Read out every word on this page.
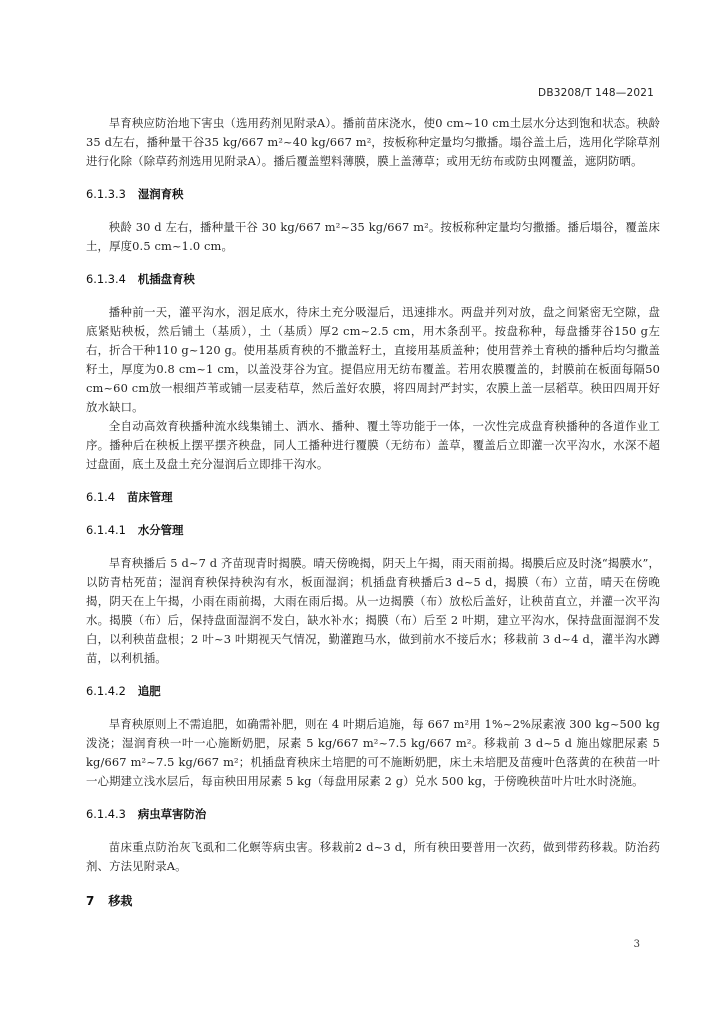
DB3208/T 148—2021

旱育秧应防治地下害虫（选用药剂见附录A）。播前苗床浇水，使0 cm~10 cm土层水分达到饱和状态。秧龄35 d左右，播种量干谷35 kg/667 m²~40 kg/667 m²，按板称种定量均匀撒播。塌谷盖土后，选用化学除草剂进行化除（除草药剂选用见附录A）。播后覆盖塑料薄膜，膜上盖薄草；或用无纺布或防虫网覆盖，遮阴防晒。

6.1.3.3 湿润育秧

秧龄 30 d 左右，播种量干谷 30 kg/667 m²~35 kg/667 m²。按板称种定量均匀撒播。播后塌谷，覆盖床土，厚度0.5 cm~1.0 cm。

6.1.3.4 机插盘育秧

播种前一天，灌平沟水，洇足底水，待床土充分吸湿后，迅速排水。两盘并列对放，盘之间紧密无空隙，盘底紧贴秧板，然后铺土（基质），土（基质）厚2 cm~2.5 cm，用木条刮平。按盘称种，每盘播芽谷150 g左右，折合干种110 g~120 g。使用基质育秧的不撒盖籽土，直接用基质盖种；使用营养土育秧的播种后均匀撒盖籽土，厚度为0.8 cm~1 cm，以盖没芽谷为宜。提倡应用无纺布覆盖。若用农膜覆盖的，封膜前在板面每隔50 cm~60 cm放一根细芦苇或铺一层麦秸草，然后盖好农膜，将四周封严封实，农膜上盖一层稻草。秧田四周开好放水缺口。

全自动高效育秧播种流水线集铺土、洒水、播种、覆土等功能于一体，一次性完成盘育秧播种的各道作业工序。播种后在秧板上摆平摆齐秧盘，同人工播种进行覆膜（无纺布）盖草，覆盖后立即灌一次平沟水，水深不超过盘面，底土及盘土充分湿润后立即排干沟水。

6.1.4 苗床管理
6.1.4.1 水分管理

旱育秧播后 5 d~7 d 齐苗现青时揭膜。晴天傍晚揭，阴天上午揭，雨天雨前揭。揭膜后应及时浇“揭膜水”，以防青枯死苗；湿润育秧保持秧沟有水，板面湿润；机插盘育秧播后3 d~5 d，揭膜（布）立苗，晴天在傍晚揭，阴天在上午揭，小雨在雨前揭，大雨在雨后揭。从一边揭膜（布）放松后盖好，让秧苗直立，并灌一次平沟水。揭膜（布）后，保持盘面湿润不发白，缺水补水；揭膜（布）后至 2 叶期，建立平沟水，保持盘面湿润不发白，以利秧苗盘根；2 叶~3 叶期视天气情况，勤灌跑马水，做到前水不接后水；移栽前 3 d~4 d，灌半沟水蹲苗，以利机插。

6.1.4.2 追肥

旱育秧原则上不需追肥，如确需补肥，则在 4 叶期后追施，每 667 m²用 1%~2%尿素液 300 kg~500 kg泼浇；湿润育秧一叶一心施断奶肥，尿素 5 kg/667 m²~7.5 kg/667 m²。移栽前 3 d~5 d 施出嫁肥尿素 5 kg/667 m²~7.5 kg/667 m²；机插盘育秧床土培肥的可不施断奶肥，床土未培肥及苗瘦叶色落黄的在秧苗一叶一心期建立浅水层后，每亩秧田用尿素 5 kg（每盘用尿素 2 g）兑水 500 kg，于傍晚秧苗叶片吐水时浇施。

6.1.4.3 病虫草害防治

苗床重点防治灰飞虱和二化螟等病虫害。移栽前2 d~3 d，所有秧田要普用一次药，做到带药移栽。防治药剂、方法见附录A。

7 移栽
3
